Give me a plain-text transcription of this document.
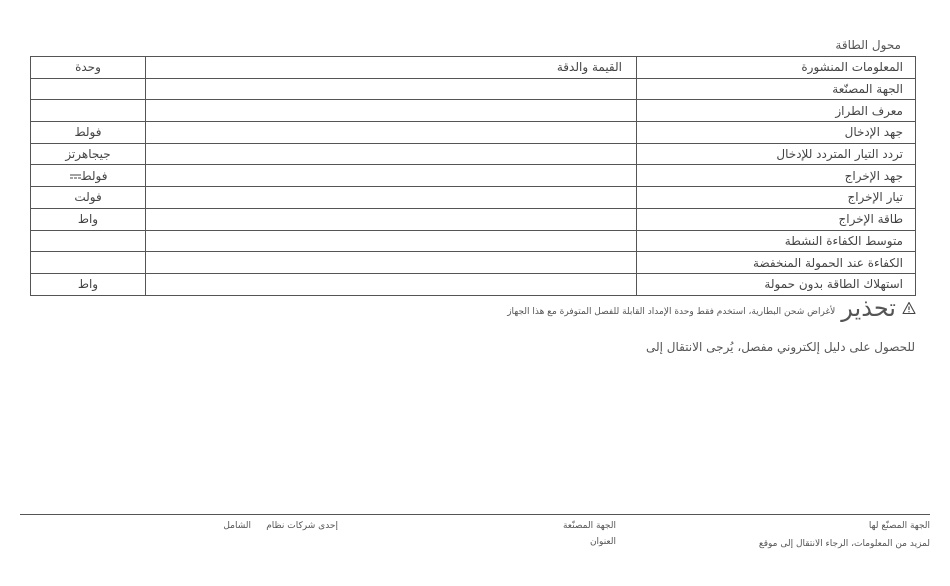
محول الطاقة
المعلومات المنشورة	القيمة والدقة	وحدة
الجهة المصنّعة		
معرف الطراز		
جهد الإدخال		فولط
تردد التيار المتردد للإدخال		جيجاهرتز
جهد الإخراج		فولط
تيار الإخراج		فولت
طاقة الإخراج		واط
متوسط الكفاءة النشطة		
الكفاءة عند الحمولة المنخفضة		
استهلاك الطاقة بدون حمولة		واط
تحذير
لأغراض شحن البطارية، استخدم فقط وحدة الإمداد القابلة للفصل المتوفرة مع هذا الجهاز
للحصول على دليل إلكتروني مفصل، يُرجى الانتقال إلى
الجهة المصنّع لها
لمزيد من المعلومات، الرجاء الانتقال إلى موقع
الجهة المصنّعة
العنوان
إحدى شركات نظام
الشامل
